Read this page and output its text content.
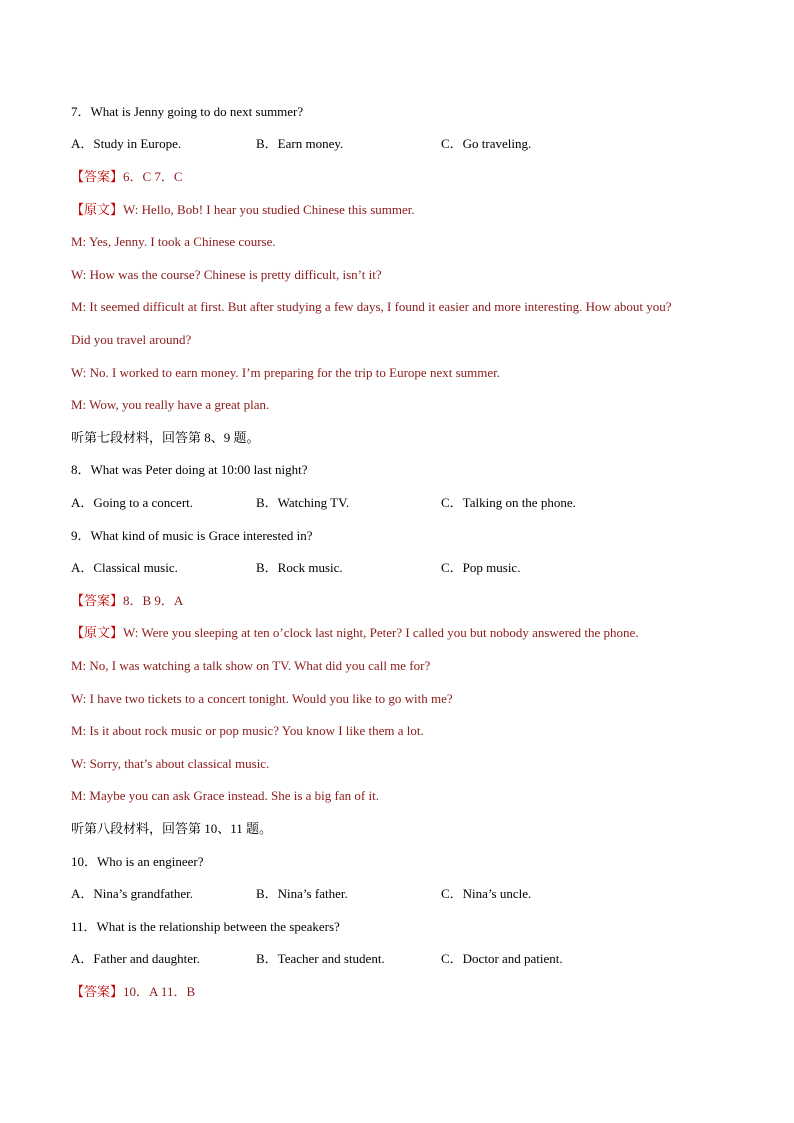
7．What is Jenny going to do next summer?
A．Study in Europe.	B．Earn money.	C．Go traveling.
【答案】6．C 7．C
【原文】W: Hello, Bob! I hear you studied Chinese this summer.
M: Yes, Jenny. I took a Chinese course.
W: How was the course? Chinese is pretty difficult, isn’t it?
M: It seemed difficult at first. But after studying a few days, I found it easier and more interesting. How about you?
Did you travel around?
W: No. I worked to earn money. I’m preparing for the trip to Europe next summer.
M: Wow, you really have a great plan.
听第七段材料，回答第 8、9 题。
8．What was Peter doing at 10:00 last night?
A．Going to a concert.	B．Watching TV.	C．Talking on the phone.
9．What kind of music is Grace interested in?
A．Classical music.	B．Rock music.	C．Pop music.
【答案】8．B 9．A
【原文】W: Were you sleeping at ten o’clock last night, Peter? I called you but nobody answered the phone.
M: No, I was watching a talk show on TV. What did you call me for?
W: I have two tickets to a concert tonight. Would you like to go with me?
M: Is it about rock music or pop music? You know I like them a lot.
W: Sorry, that’s about classical music.
M: Maybe you can ask Grace instead. She is a big fan of it.
听第八段材料，回答第 10、11 题。
10．Who is an engineer?
A．Nina’s grandfather.	B．Nina’s father.	C．Nina’s uncle.
11．What is the relationship between the speakers?
A．Father and daughter.	B．Teacher and student.	C．Doctor and patient.
【答案】10．A 11．B
